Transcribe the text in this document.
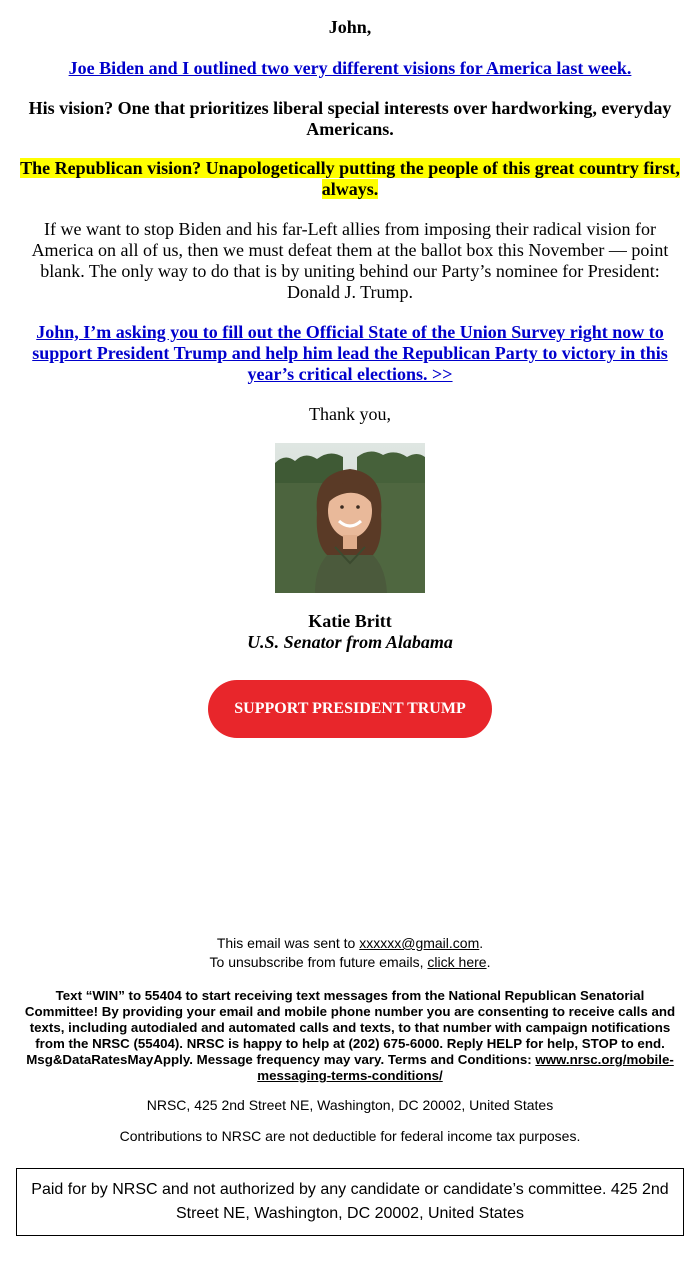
John,

Joe Biden and I outlined two very different visions for America last week.

His vision? One that prioritizes liberal special interests over hardworking, everyday Americans.

The Republican vision? Unapologetically putting the people of this great country first, always.

If we want to stop Biden and his far-Left allies from imposing their radical vision for America on all of us, then we must defeat them at the ballot box this November — point blank. The only way to do that is by uniting behind our Party’s nominee for President: Donald J. Trump.

John, I’m asking you to fill out the Official State of the Union Survey right now to support President Trump and help him lead the Republican Party to victory in this year’s critical elections. >>

Thank you,

Katie Britt

U.S. Senator from Alabama

SUPPORT PRESIDENT TRUMP >>
This email was sent to xxxxxx@gmail.com.
To unsubscribe from future emails, click here.
Text “WIN” to 55404 to start receiving text messages from the National Republican Senatorial Committee! By providing your email and mobile phone number you are consenting to receive calls and texts, including autodialed and automated calls and texts, to that number with campaign notifications from the NRSC (55404). NRSC is happy to help at (202) 675-6000. Reply HELP for help, STOP to end. Msg&DataRatesMayApply. Message frequency may vary. Terms and Conditions: www.nrsc.org/mobile-messaging-terms-conditions/
NRSC, 425 2nd Street NE, Washington, DC 20002, United States
Contributions to NRSC are not deductible for federal income tax purposes.
Paid for by NRSC and not authorized by any candidate or candidate’s committee. 425 2nd Street NE, Washington, DC 20002, United States
